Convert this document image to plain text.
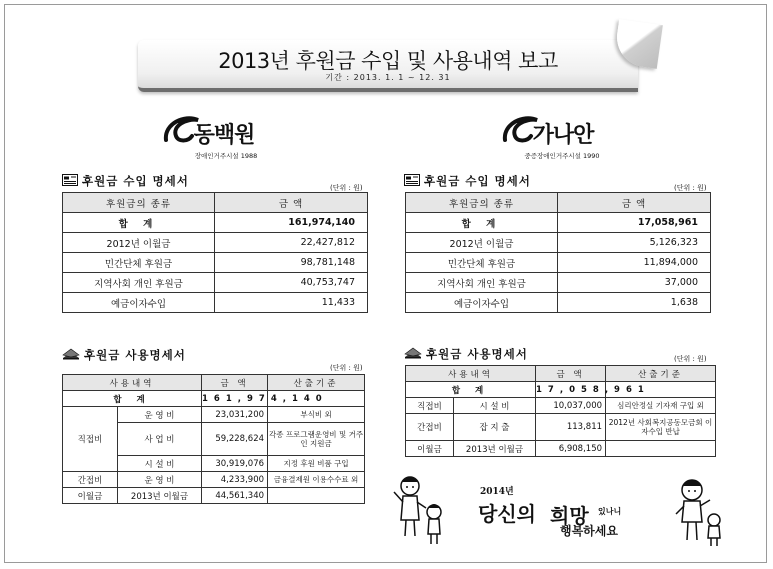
2013년 후원금 수입 및 사용내역 보고
기간 : 2013. 1. 1 ~ 12. 31
동백원
장애인거주시설 1988
가나안
중증장애인거주시설 1990
후원금 수입 명세서	(단위 : 원)
후원금의 종류	금 액
합 계	161,974,140
2012년 이월금	22,427,812
민간단체 후원금	98,781,148
지역사회 개인 후원금	40,753,747
예금이자수입	11,433
후원금 수입 명세서	(단위 : 원)
후원금의 종류	금 액
합 계	17,058,961
2012년 이월금	5,126,323
민간단체 후원금	11,894,000
지역사회 개인 후원금	37,000
예금이자수입	1,638
후원금 사용명세서
(단위 : 원)
사용내역		금 액	산출기준
합 계		161,974,140	
직접비	운 영 비	23,031,200	부식비 외
	사 업 비	59,228,624	각종 프로그램운영비 및 거주인 지원금
	시 설 비	30,919,076	지정 후원 비품 구입
간접비	운 영 비	4,233,900	금융결제원 이용수수료 외
이월금	2013년 이월금	44,561,340	
후원금 사용명세서	(단위 : 원)
사용내역		금 액	산출기준
합 계		17,058,961	
직접비	시 설 비	10,037,000	심리안정실 기자재 구입 외
간접비	잡 지 출	113,811	2012년 사회복지공동모금회 이자수입 반납
이월금	2013년 이월금	6,908,150	
2014년
당신의 희망 있나니
행복하세요
